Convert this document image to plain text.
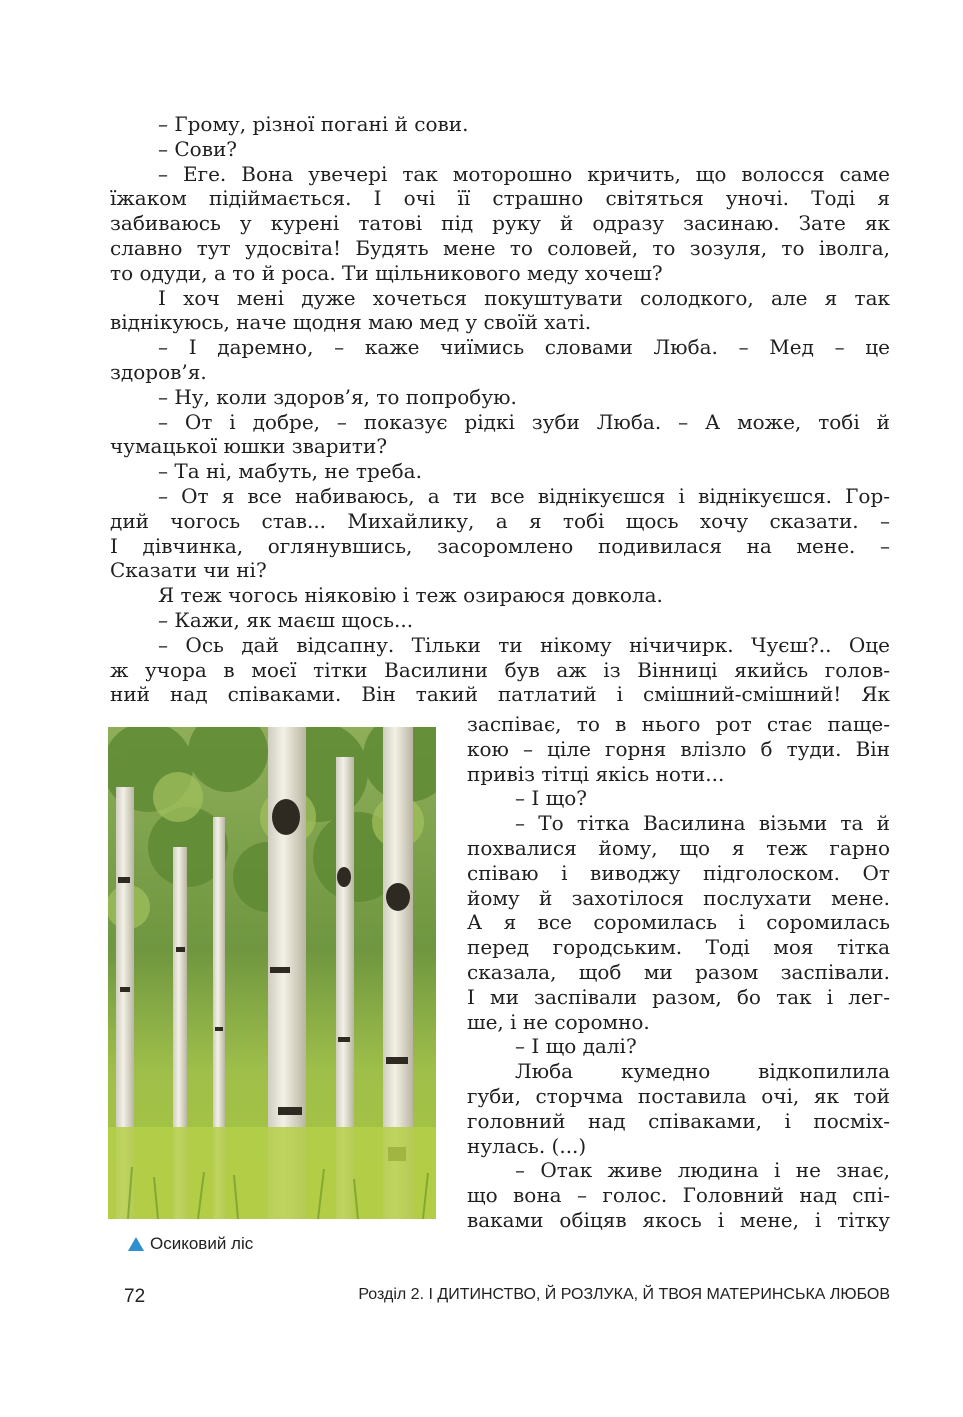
– Грому, різної погані й сови.
– Сови?
– Еге. Вона увечері так моторошно кричить, що волосся саме
їжаком підіймається. І очі її страшно світяться уночі. Тоді я
забиваюсь у курені татові під руку й одразу засинаю. Зате як
славно тут удосвіта! Будять мене то соловей, то зозуля, то іволга,
то одуди, а то й роса. Ти щільникового меду хочеш?
І хоч мені дуже хочеться покуштувати солодкого, але я так
віднікуюсь, наче щодня маю мед у своїй хаті.
– І даремно, – каже чиїмись словами Люба. – Мед – це
здоров’я.
– Ну, коли здоров’я, то попробую.
– От і добре, – показує рідкі зуби Люба. – А може, тобі й
чумацької юшки зварити?
– Та ні, мабуть, не треба.
– От я все набиваюсь, а ти все віднікуєшся і віднікуєшся. Гор-
дий чогось став... Михайлику, а я тобі щось хочу сказати. –
І дівчинка, оглянувшись, засоромлено подивилася на мене. –
Сказати чи ні?
Я теж чогось ніяковію і теж озираюся довкола.
– Кажи, як маєш щось...
– Ось дай відсапну. Тільки ти нікому нічичирк. Чуєш?.. Оце
ж учора в моєї тітки Василини був аж із Вінниці якийсь голов-
ний над співаками. Він такий патлатий і смішний-смішний! Як
заспіває, то в нього рот стає паще-
кою – ціле горня влізло б туди. Він
привіз тітці якісь ноти...
– І що?
– То тітка Василина візьми та й
похвалися йому, що я теж гарно
співаю і виводжу підголоском. От
йому й захотілося послухати мене.
А я все соромилась і соромилась
перед городським. Тоді моя тітка
сказала, щоб ми разом заспівали.
І ми заспівали разом, бо так і лег-
ше, і не соромно.
– І що далі?
Люба кумедно відкопилила
губи, сторчма поставила очі, як той
головний над співаками, і посміх-
нулась. (...)
– Отак живе людина і не знає,
що вона – голос. Головний над спі-
ваками обіцяв якось і мене, і тітку
Осиковий ліс
72	Розділ 2. І ДИТИНСТВО, Й РОЗЛУКА, Й ТВОЯ МАТЕРИНСЬКА ЛЮБОВ
